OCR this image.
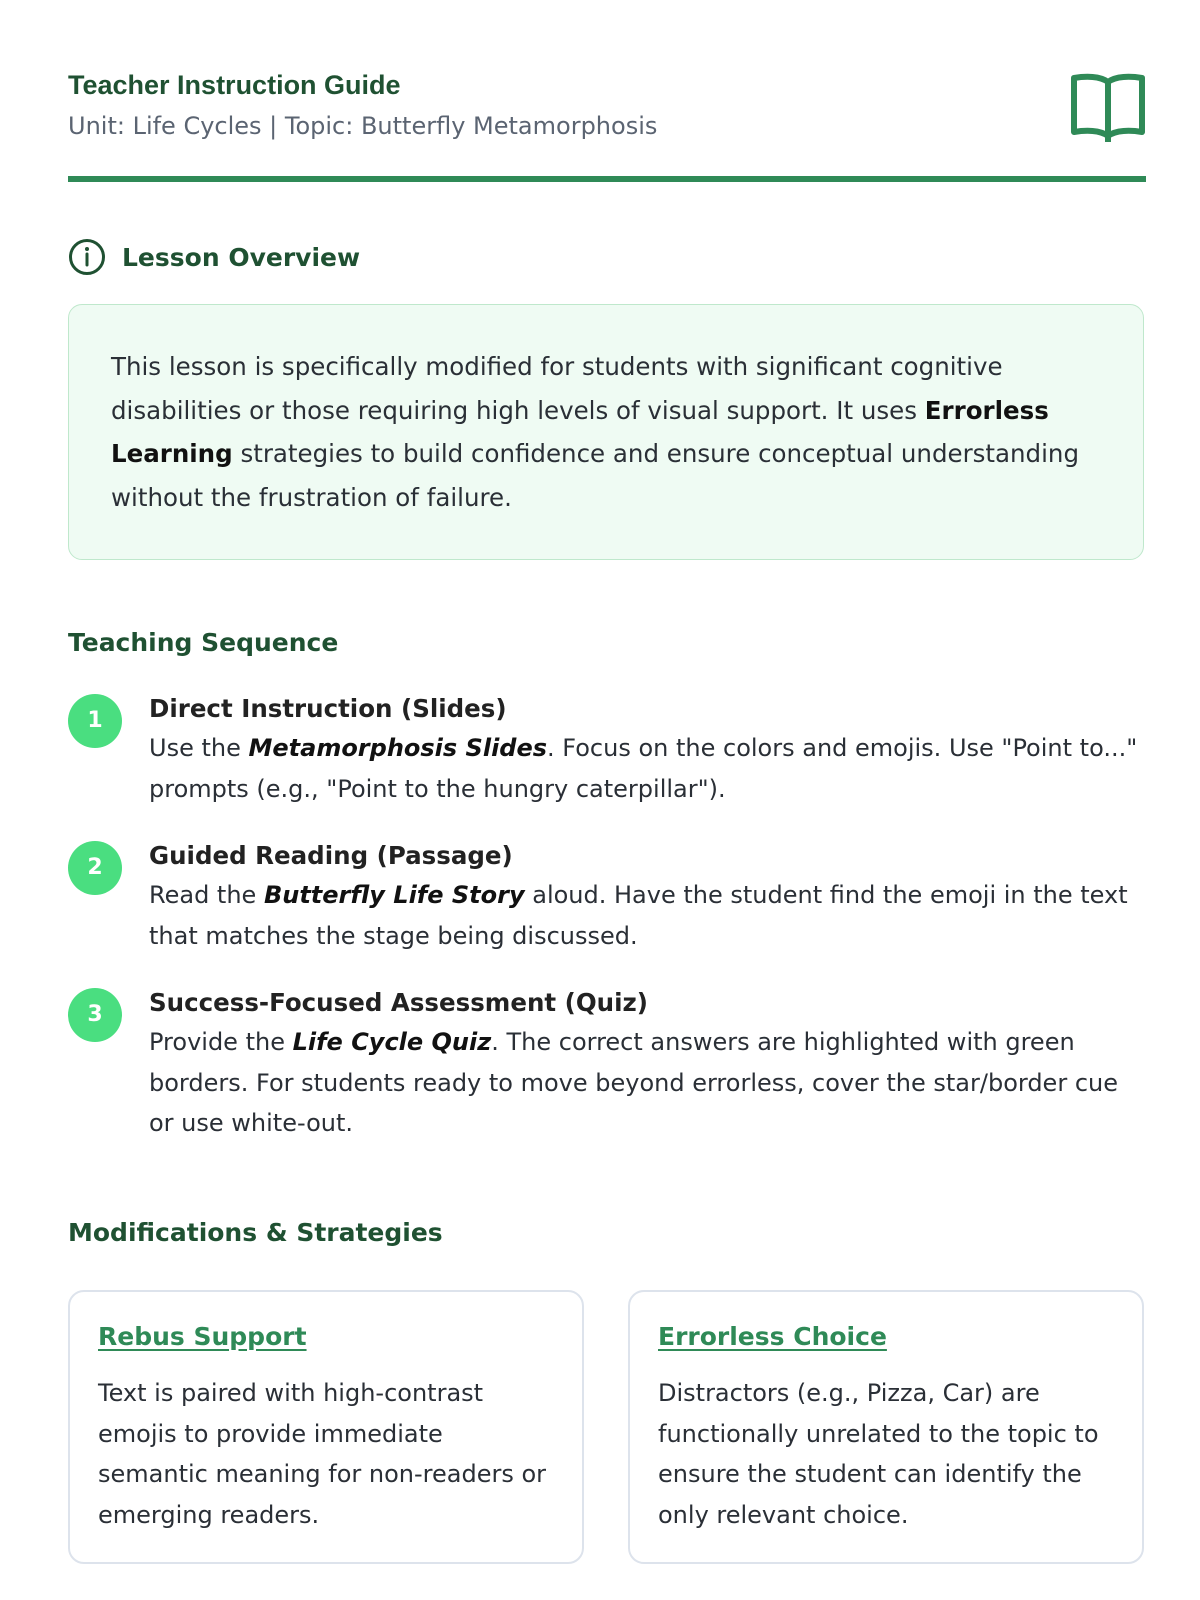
Teacher Instruction Guide
Unit: Life Cycles | Topic: Butterfly Metamorphosis
Lesson Overview
This lesson is specifically modified for students with significant cognitive disabilities or those requiring high levels of visual support. It uses Errorless Learning strategies to build confidence and ensure conceptual understanding without the frustration of failure.
Teaching Sequence
1	Direct Instruction (Slides)
Use the Metamorphosis Slides. Focus on the colors and emojis. Use "Point to..." prompts (e.g., "Point to the hungry caterpillar").
2	Guided Reading (Passage)
Read the Butterfly Life Story aloud. Have the student find the emoji in the text that matches the stage being discussed.
3	Success-Focused Assessment (Quiz)
Provide the Life Cycle Quiz. The correct answers are highlighted with green borders. For students ready to move beyond errorless, cover the star/border cue or use white-out.
Modifications & Strategies
Rebus Support
Text is paired with high-contrast emojis to provide immediate semantic meaning for non-readers or emerging readers.
Errorless Choice
Distractors (e.g., Pizza, Car) are functionally unrelated to the topic to ensure the student can identify the only relevant choice.
